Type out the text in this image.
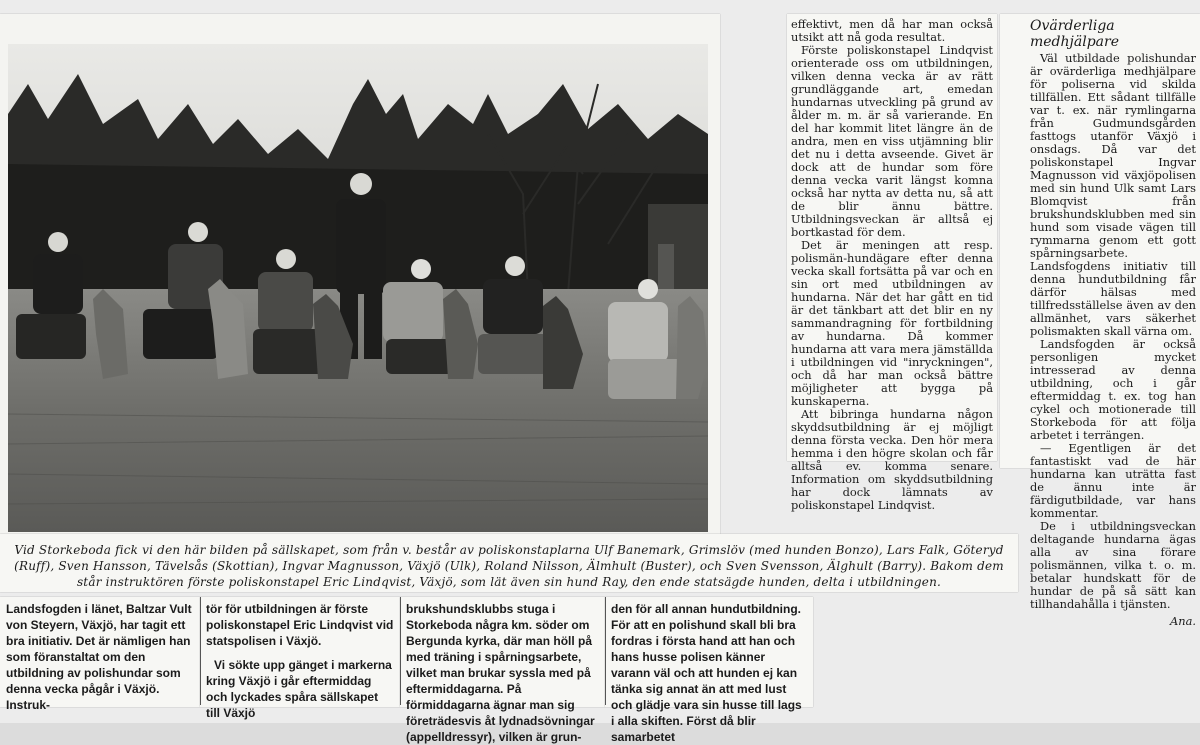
effektivt, men då har man också utsikt att nå goda resultat.

Förste poliskonstapel Lindqvist orienterade oss om utbildningen, vilken denna vecka är av rätt grundläggande art, emedan hundarnas utveckling på grund av ålder m. m. är så varierande. En del har kommit litet längre än de andra, men en viss utjämning blir det nu i detta avseende. Givet är dock att de hundar som före denna vecka varit längst komna också har nytta av detta nu, så att de blir ännu bättre. Utbildningsveckan är alltså ej bortkastad för dem.

Det är meningen att resp. polismän-hundägare efter denna vecka skall fortsätta på var och en sin ort med utbildningen av hundarna. När det har gått en tid är det tänkbart att det blir en ny sammandragning för fortbildning av hundarna. Då kommer hundarna att vara mera jämställda i utbildningen vid "inryckningen", och då har man också bättre möjligheter att bygga på kunskaperna.

Att bibringa hundarna någon skyddsutbildning är ej möjligt denna första vecka. Den hör mera hemma i den högre skolan och får alltså ev. komma senare. Information om skyddsutbildning har dock lämnats av poliskonstapel Lindqvist.

Ovärderliga medhjälpare

Väl utbildade polishundar är ovärderliga medhjälpare för poliserna vid skilda tillfällen. Ett sådant tillfälle var t. ex. när rymlingarna från Gudmundsgården fasttogs utanför Växjö i onsdags. Då var det poliskonstapel Ingvar Magnusson vid växjöpolisen med sin hund Ulk samt Lars Blomqvist från brukshundsklubben med sin hund som visade vägen till rymmarna genom ett gott spårningsarbete. Landsfogdens initiativ till denna hundutbildning får därför hälsas med tillfredsställelse även av den allmänhet, vars säkerhet polismakten skall värna om.

Landsfogden är också personligen mycket intresserad av denna utbildning, och i går eftermiddag t. ex. tog han cykel och motionerade till Storkeboda för att följa arbetet i terrängen.

— Egentligen är det fantastiskt vad de här hundarna kan uträtta fast de ännu inte är färdigutbildade, var hans kommentar.

De i utbildningsveckan deltagande hundarna ägas alla av sina förare polismännen, vilka t. o. m. betalar hundskatt för de hundar de på så sätt kan tillhandahålla i tjänsten.

Ana.

Vid Storkeboda fick vi den här bilden på sällskapet, som från v. består av poliskonstaplarna Ulf Banemark, Grimslöv (med hunden Bonzo), Lars Falk, Göteryd (Ruff), Sven Hansson, Tävelsås (Skottian), Ingvar Magnusson, Växjö (Ulk), Roland Nilsson, Älmhult (Buster), och Sven Svensson, Älghult (Barry). Bakom dem står instruktören förste poliskonstapel Eric Lindqvist, Växjö, som lät även sin hund Ray, den ende statsägde hunden, delta i utbildningen.
Landsfogden i länet, Baltzar Vult von Steyern, Växjö, har tagit ett bra initiativ. Det är nämligen han som föranstaltat om den utbildning av polishundar som denna vecka pågår i Växjö. Instruk-
tör för utbildningen är förste poliskonstapel Eric Lindqvist vid statspolisen i Växjö.
Vi sökte upp gänget i markerna kring Växjö i går eftermiddag och lyckades spåra sällskapet till Växjö
brukshundsklubbs stuga i Storkeboda några km. söder om Bergunda kyrka, där man höll på med träning i spårningsarbete, vilket man brukar syssla med på eftermiddagarna. På förmiddagarna ägnar man sig företrädesvis åt lydnadsövningar (appelldressyr), vilken är grun-
den för all annan hundutbildning. För att en polishund skall bli bra fordras i första hand att han och hans husse polisen känner varann väl och att hunden ej kan tänka sig annat än att med lust och glädje vara sin husse till lags i alla skiften. Först då blir samarbetet
